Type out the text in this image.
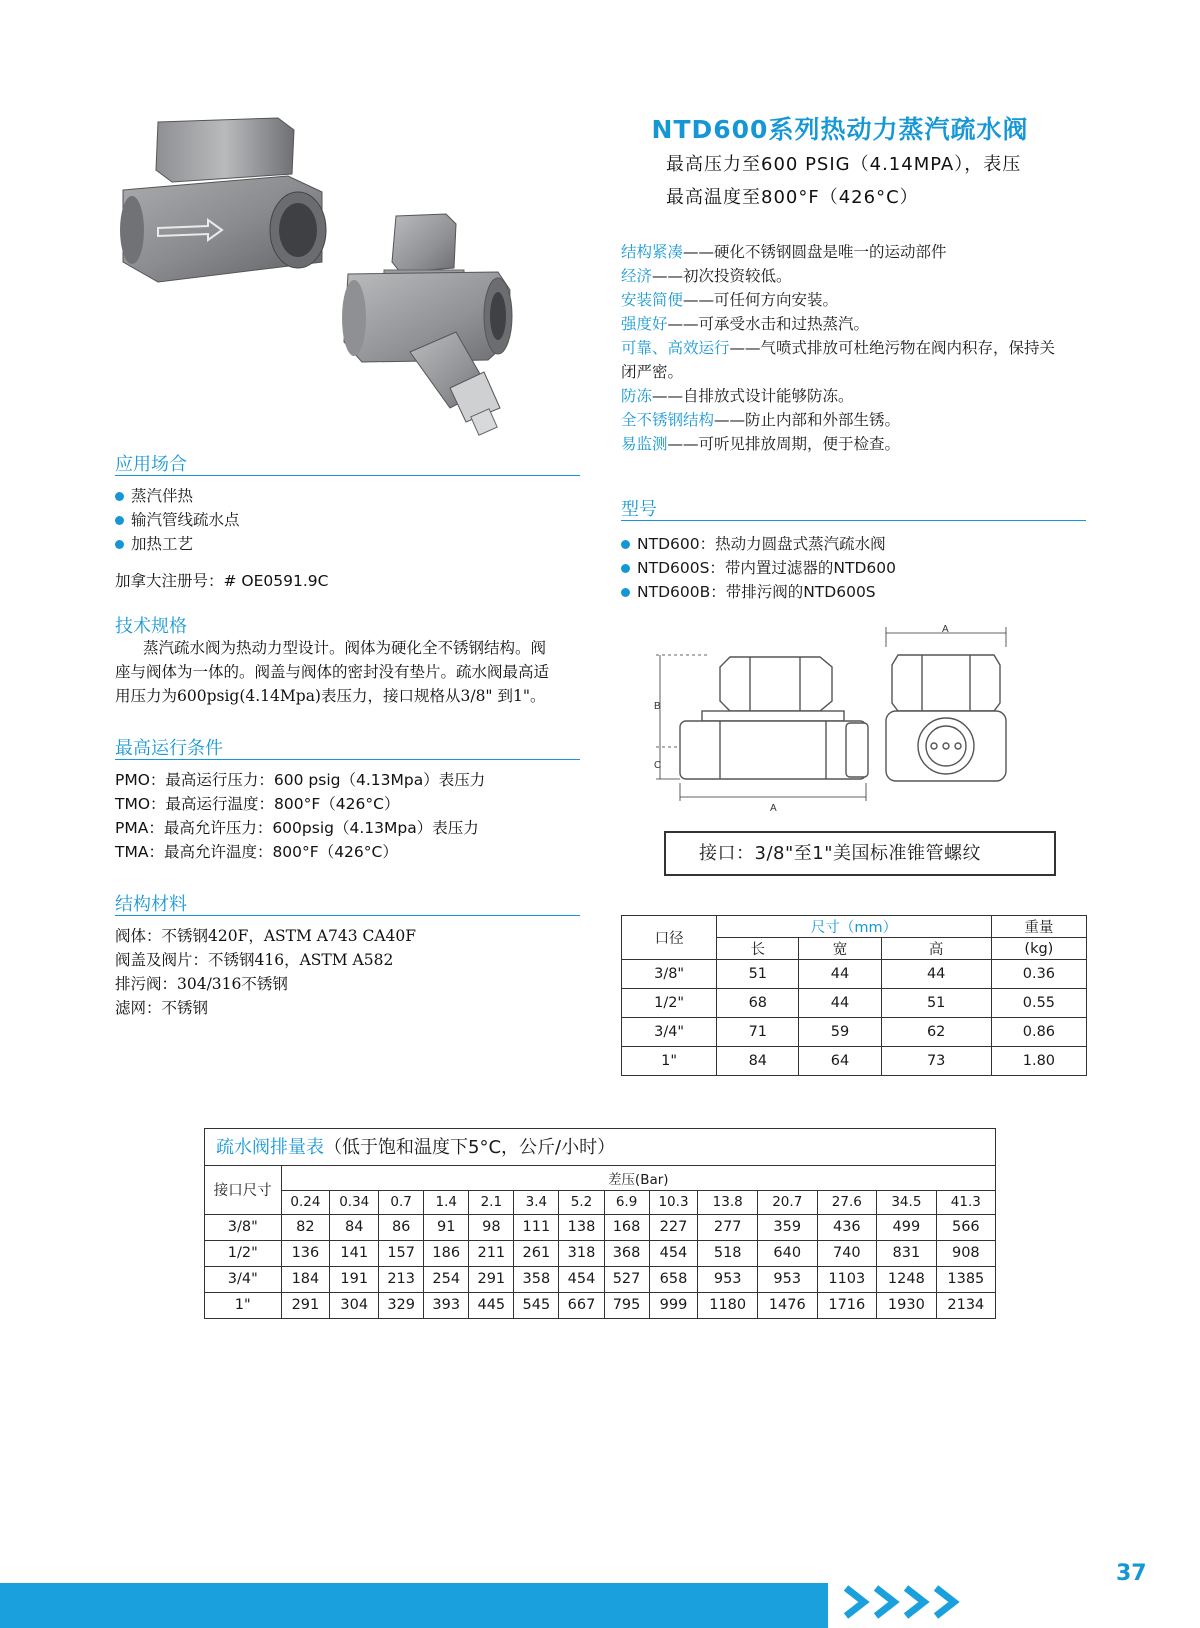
NTD600系列热动力蒸汽疏水阀
最高压力至600 PSIG（4.14MPA），表压
最高温度至800°F（426°C）
结构紧凑——硬化不锈钢圆盘是唯一的运动部件
经济——初次投资较低。
安装简便——可任何方向安装。
强度好——可承受水击和过热蒸汽。
可靠、高效运行——气喷式排放可杜绝污物在阀内积存，保持关
闭严密。
防冻——自排放式设计能够防冻。
全不锈钢结构——防止内部和外部生锈。
易监测——可听见排放周期，便于检查。
应用场合
蒸汽伴热
输汽管线疏水点
加热工艺
加拿大注册号：# OE0591.9C
技术规格
蒸汽疏水阀为热动力型设计。阀体为硬化全不锈钢结构。阀
座与阀体为一体的。阀盖与阀体的密封没有垫片。疏水阀最高适
用压力为600psig(4.14Mpa)表压力，接口规格从3/8" 到1"。
最高运行条件
PMO：最高运行压力：600 psig（4.13Mpa）表压力
TMO：最高运行温度：800°F（426°C）
PMA：最高允许压力：600psig（4.13Mpa）表压力
TMA：最高允许温度：800°F（426°C）
结构材料
阀体：不锈钢420F，ASTM A743 CA40F
阀盖及阀片：不锈钢416，ASTM A582
排污阀：304/316不锈钢
滤网：不锈钢
型号
NTD600：热动力圆盘式蒸汽疏水阀
NTD600S：带内置过滤器的NTD600
NTD600B：带排污阀的NTD600S
A
B
C
A
接口：3/8"至1"美国标准锥管螺纹
口径	尺寸（mm）			重量
	长	宽	高	(kg)
3/8"	51	44	44	0.36
1/2"	68	44	51	0.55
3/4"	71	59	62	0.86
1"	84	64	73	1.80
疏水阀排量表（低于饱和温度下5°C，公斤/小时）
接口尺寸	差压(Bar)													
	0.24	0.34	0.7	1.4	2.1	3.4	5.2	6.9	10.3	13.8	20.7	27.6	34.5	41.3
3/8"	82	84	86	91	98	111	138	168	227	277	359	436	499	566
1/2"	136	141	157	186	211	261	318	368	454	518	640	740	831	908
3/4"	184	191	213	254	291	358	454	527	658	953	953	1103	1248	1385
1"	291	304	329	393	445	545	667	795	999	1180	1476	1716	1930	2134
37
